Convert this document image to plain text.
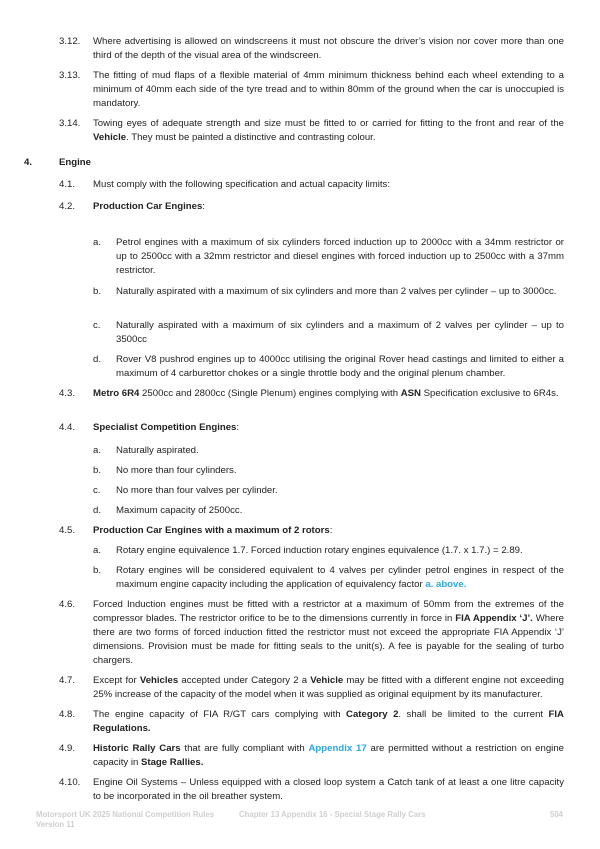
3.12. Where advertising is allowed on windscreens it must not obscure the driver’s vision nor cover more than one third of the depth of the visual area of the windscreen.
3.13. The fitting of mud flaps of a flexible material of 4mm minimum thickness behind each wheel extending to a minimum of 40mm each side of the tyre tread and to within 80mm of the ground when the car is unoccupied is mandatory.
3.14. Towing eyes of adequate strength and size must be fitted to or carried for fitting to the front and rear of the Vehicle. They must be painted a distinctive and contrasting colour.
4.	Engine
4.1. Must comply with the following specification and actual capacity limits:
4.2. Production Car Engines:
a. Petrol engines with a maximum of six cylinders forced induction up to 2000cc with a 34mm restrictor or up to 2500cc with a 32mm restrictor and diesel engines with forced induction up to 2500cc with a 37mm restrictor.
b. Naturally aspirated with a maximum of six cylinders and more than 2 valves per cylinder – up to 3000cc.
c. Naturally aspirated with a maximum of six cylinders and a maximum of 2 valves per cylinder – up to 3500cc
d. Rover V8 pushrod engines up to 4000cc utilising the original Rover head castings and limited to either a maximum of 4 carburettor chokes or a single throttle body and the original plenum chamber.
4.3. Metro 6R4 2500cc and 2800cc (Single Plenum) engines complying with ASN Specification exclusive to 6R4s.
4.4. Specialist Competition Engines:
a. Naturally aspirated.
b. No more than four cylinders.
c. No more than four valves per cylinder.
d. Maximum capacity of 2500cc.
4.5. Production Car Engines with a maximum of 2 rotors:
a. Rotary engine equivalence 1.7. Forced induction rotary engines equivalence (1.7. x 1.7.) = 2.89.
b. Rotary engines will be considered equivalent to 4 valves per cylinder petrol engines in respect of the maximum engine capacity including the application of equivalency factor a. above.
4.6. Forced Induction engines must be fitted with a restrictor at a maximum of 50mm from the extremes of the compressor blades. The restrictor orifice to be to the dimensions currently in force in FIA Appendix ‘J’. Where there are two forms of forced induction fitted the restrictor must not exceed the appropriate FIA Appendix ‘J’ dimensions. Provision must be made for fitting seals to the unit(s). A fee is payable for the sealing of turbo chargers.
4.7. Except for Vehicles accepted under Category 2 a Vehicle may be fitted with a different engine not exceeding 25% increase of the capacity of the model when it was supplied as original equipment by its manufacturer.
4.8. The engine capacity of FIA R/GT cars complying with Category 2. shall be limited to the current FIA Regulations.
4.9. Historic Rally Cars that are fully compliant with Appendix 17 are permitted without a restriction on engine capacity in Stage Rallies.
4.10. Engine Oil Systems – Unless equipped with a closed loop system a Catch tank of at least a one litre capacity to be incorporated in the oil breather system.
Motorsport UK 2025 National Competition Rules
Version 11
Chapter 13 Appendix 16 - Special Stage Rally Cars	504
